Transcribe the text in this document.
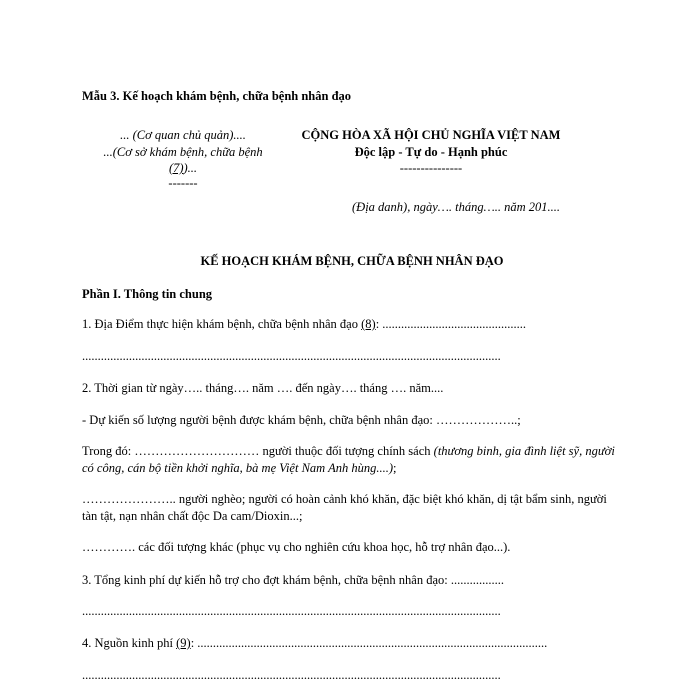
Mẫu 3. Kế hoạch khám bệnh, chữa bệnh nhân đạo
... (Cơ quan chủ quản)....
...(Cơ sở khám bệnh, chữa bệnh
(7))...
-------
CỘNG HÒA XÃ HỘI CHỦ NGHĨA VIỆT NAM
Độc lập - Tự do - Hạnh phúc
---------------
(Địa danh), ngày…. tháng….. năm 201....
KẾ HOẠCH KHÁM BỆNH, CHỮA BỆNH NHÂN ĐẠO
Phần I. Thông tin chung
1. Địa Điểm thực hiện khám bệnh, chữa bệnh nhân đạo (8): ..............................................
......................................................................................................................................
2. Thời gian từ ngày….. tháng…. năm …. đến ngày…. tháng …. năm....
- Dự kiến số lượng người bệnh được khám bệnh, chữa bệnh nhân đạo: ………………..;
Trong đó: ………………………… người thuộc đối tượng chính sách (thương binh, gia đình liệt sỹ, người có công, cán bộ tiền khởi nghĩa, bà mẹ Việt Nam Anh hùng....);
………………….. người nghèo; người có hoàn cảnh khó khăn, đặc biệt khó khăn, dị tật bẩm sinh, người tàn tật, nạn nhân chất độc Da cam/Dioxin...;
…………. các đối tượng khác (phục vụ cho nghiên cứu khoa học, hỗ trợ nhân đạo...).
3. Tổng kinh phí dự kiến hỗ trợ cho đợt khám bệnh, chữa bệnh nhân đạo: .................
......................................................................................................................................
4. Nguồn kinh phí (9): ................................................................................................................
......................................................................................................................................
